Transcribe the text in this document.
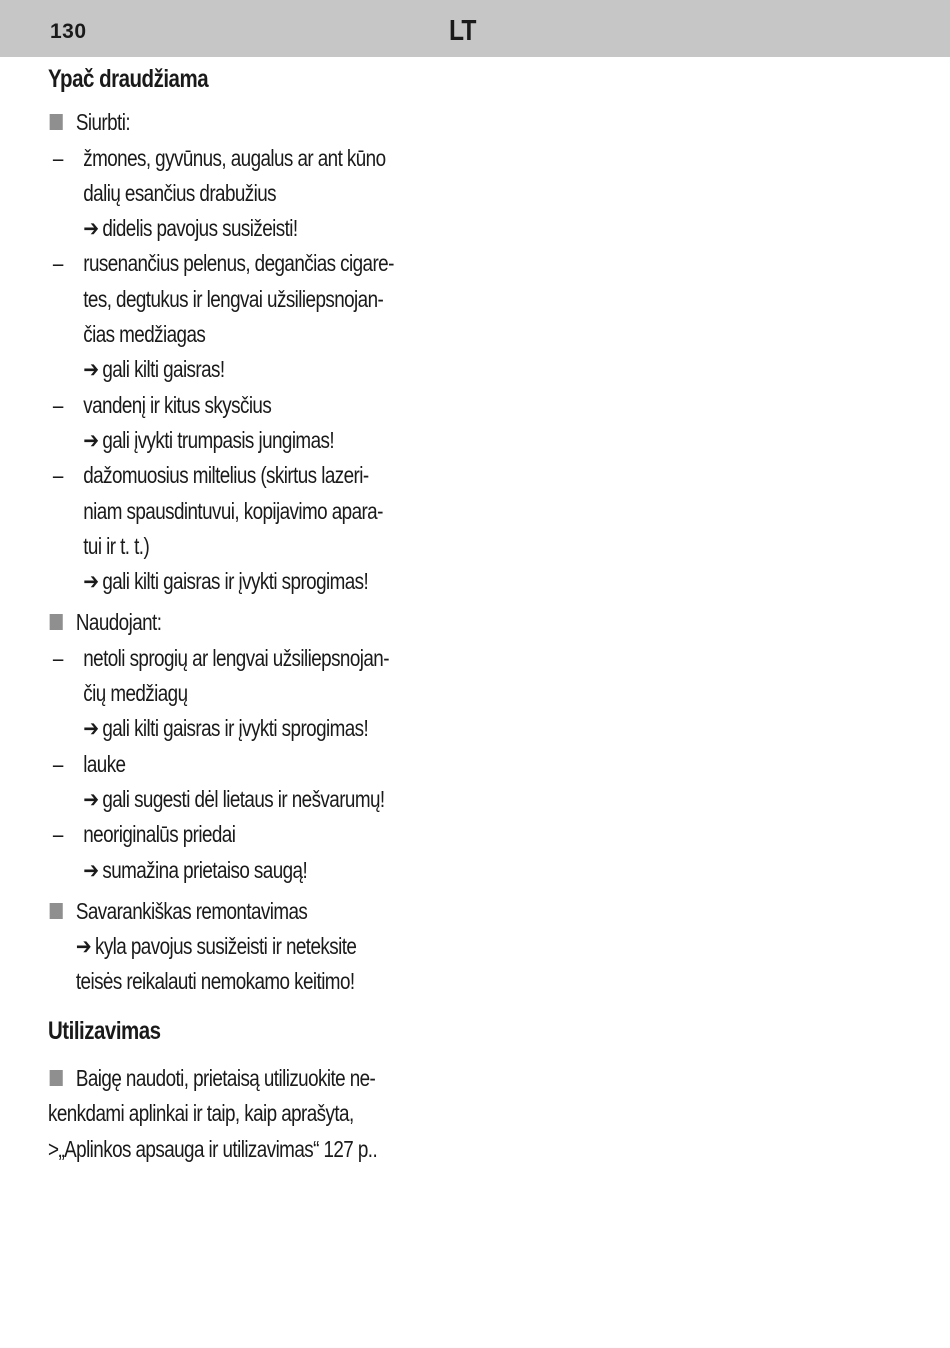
130	LT
Ypač draudžiama
Siurbti:
– žmones, gyvūnus, augalus ar ant kūno
dalių esančius drabužius
➔ didelis pavojus susižeisti!
– rusenančius pelenus, degančias cigare-
tes, degtukus ir lengvai užsiliepsnojan-
čias medžiagas
➔ gali kilti gaisras!
– vandenį ir kitus skysčius
➔ gali įvykti trumpasis jungimas!
– dažomuosius miltelius (skirtus lazeri-
niam spausdintuvui, kopijavimo apara-
tui ir t. t.)
➔ gali kilti gaisras ir įvykti sprogimas!
Naudojant:
– netoli sprogių ar lengvai užsiliepsnojan-
čių medžiagų
➔ gali kilti gaisras ir įvykti sprogimas!
– lauke
➔ gali sugesti dėl lietaus ir nešvarumų!
– neoriginalūs priedai
➔ sumažina prietaiso saugą!
Savarankiškas remontavimas
➔ kyla pavojus susižeisti ir neteksite
teisės reikalauti nemokamo keitimo!
Utilizavimas
Baigę naudoti, prietaisą utilizuokite ne-
kenkdami aplinkai ir taip, kaip aprašyta,
>„Aplinkos apsauga ir utilizavimas“ 127 p..
